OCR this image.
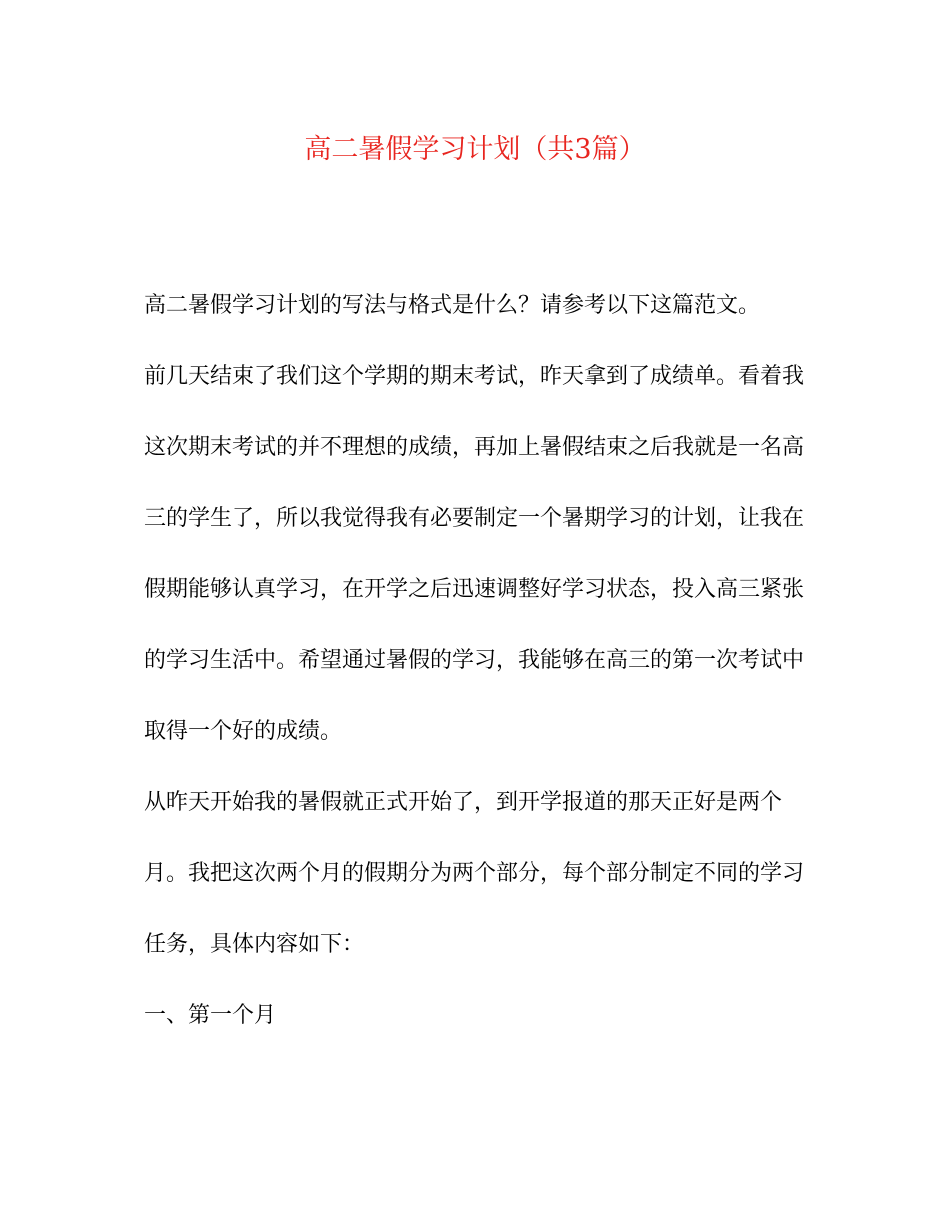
高二暑假学习计划（共3篇）
高二暑假学习计划的写法与格式是什么？请参考以下这篇范文。
前几天结束了我们这个学期的期末考试，昨天拿到了成绩单。看着我
这次期末考试的并不理想的成绩，再加上暑假结束之后我就是一名高
三的学生了，所以我觉得我有必要制定一个暑期学习的计划，让我在
假期能够认真学习，在开学之后迅速调整好学习状态，投入高三紧张
的学习生活中。希望通过暑假的学习，我能够在高三的第一次考试中
取得一个好的成绩。
从昨天开始我的暑假就正式开始了，到开学报道的那天正好是两个
月。我把这次两个月的假期分为两个部分，每个部分制定不同的学习
任务，具体内容如下：
一、第一个月
